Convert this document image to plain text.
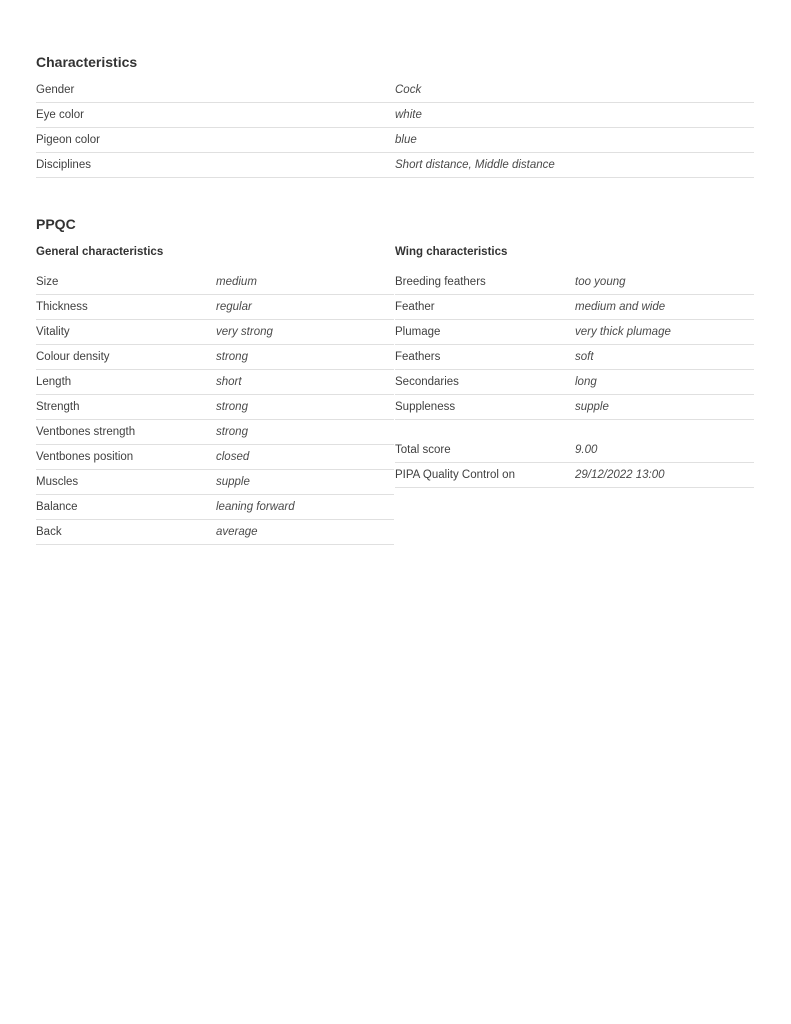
Characteristics
Gender	Cock
Eye color	white
Pigeon color	blue
Disciplines	Short distance, Middle distance
PPQC
General characteristics	Wing characteristics
Size	medium
Thickness	regular
Vitality	very strong
Colour density	strong
Length	short
Strength	strong
Ventbones strength	strong
Ventbones position	closed
Muscles	supple
Balance	leaning forward
Back	average
Breeding feathers	too young
Feather	medium and wide
Plumage	very thick plumage
Feathers	soft
Secondaries	long
Suppleness	supple
Total score	9.00
PIPA Quality Control on	29/12/2022 13:00
